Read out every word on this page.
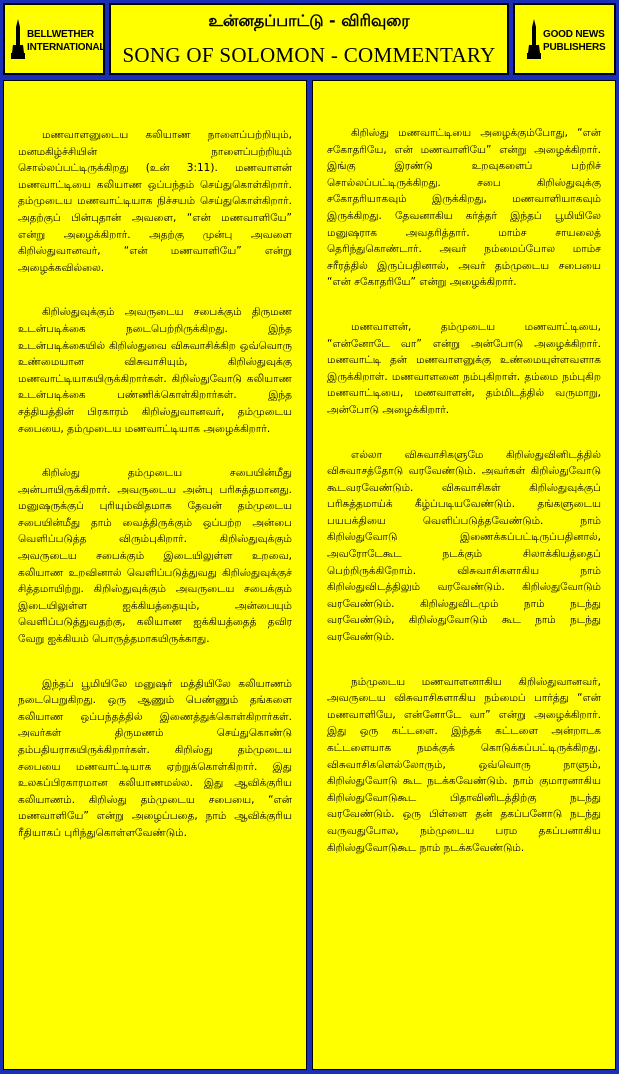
BELLWETHER
INTERNATIONAL
உன்னதப்பாட்டு - விரிவுரை
SONG OF SOLOMON - COMMENTARY
GOOD NEWS
PUBLISHERS

மணவாளனுடைய கலியாண நாளைப்பற்றியும், மனமகிழ்ச்சியின் நாளைப்பற்றியும் சொல்லப்பட்டிருக்கிறது (உன் 3:11). மணவாளன் மணவாட்டியை கலியாண ஒப்பந்தம் செய்துகொள்கிறார். தம்முடைய மணவாட்டியாக நிச்சயம் செய்துகொள்கிறார். அதற்குப் பின்புதான் அவளை, “என் மணவாளியே” என்று அழைக்கிறார். அதற்கு முன்பு அவளை கிறிஸ்துவானவர், “என் மணவாளியே” என்று அழைக்கவில்லை.

கிறிஸ்துவுக்கும் அவருடைய சபைக்கும் திருமண உடன்படிக்கை நடைபெற்றிருக்கிறது. இந்த உடன்படிக்கையில் கிறிஸ்துவை விசுவாசிக்கிற ஒவ்வொரு உண்மையான விசுவாசியும், கிறிஸ்துவுக்கு மணவாட்டியாகயிருக்கிறார்கள். கிறிஸ்துவோடு கலியாண உடன்படிக்கை பண்ணிக்கொள்கிறார்கள். இந்த சத்தியத்தின் பிரகாரம் கிறிஸ்துவானவர், தம்முடைய சபையை, தம்முடைய மணவாட்டியாக அழைக்கிறார்.

கிறிஸ்து தம்முடைய சபையின்மீது அன்பாயிருக்கிறார். அவருடைய அன்பு பரிசுத்தமானது. மனுஷருக்குப் புரியும்விதமாக தேவன் தம்முடைய சபையின்மீது தாம் வைத்திருக்கும் ஒப்பற்ற அன்பை வெளிப்படுத்த விரும்புகிறார். கிறிஸ்துவுக்கும் அவருடைய சபைக்கும் இடையிலுள்ள உறவை, கலியாண உறவினால் வெளிப்படுத்துவது கிறிஸ்துவுக்குச் சித்தமாயிற்று. கிறிஸ்துவுக்கும் அவருடைய சபைக்கும் இடையிலுள்ள ஐக்கியத்தையும், அன்பையும் வெளிப்படுத்துவதற்கு, கலியாண ஐக்கியத்தைத் தவிர வேறு ஐக்கியம் பொருத்தமாகயிருக்காது.

இந்தப் பூமியிலே மனுஷர் மத்தியிலே கலியாணம் நடைபெறுகிறது. ஒரு ஆணும் பெண்ணும் தங்களை கலியாண ஒப்பந்தத்தில் இணைத்துக்கொள்கிறார்கள். அவர்கள் திருமணம் செய்துகொண்டு தம்பதியராகயிருக்கிறார்கள். கிறிஸ்து தம்முடைய சபையை மணவாட்டியாக ஏற்றுக்கொள்கிறார். இது உலகப்பிரகாரமான கலியாணமல்ல. இது ஆவிக்குரிய கலியாணம். கிறிஸ்து தம்முடைய சபையை, “என் மணவாளியே” என்று அழைப்பதை, நாம் ஆவிக்குரிய ரீதியாகப் புரிந்துகொள்ளவேண்டும்.

கிறிஸ்து மணவாட்டியை அழைக்கும்போது, “என் சகோதரியே, என் மணவாளியே” என்று அழைக்கிறார். இங்கு இரண்டு உறவுகளைப் பற்றிச் சொல்லப்பட்டிருக்கிறது. சபை கிறிஸ்துவுக்கு சகோதரியாகவும் இருக்கிறது, மணவாளியாகவும் இருக்கிறது. தேவனாகிய கர்த்தர் இந்தப் பூமியிலே மனுஷராக அவதரித்தார். மாம்ச சாயலைத் தெரிந்துகொண்டார். அவர் நம்மைப்போல மாம்ச சரீரத்தில் இருப்பதினால், அவர் தம்முடைய சபையை “என் சகோதரியே” என்று அழைக்கிறார்.

மணவாளன், தம்முடைய மணவாட்டியை, “என்னோடே வா” என்று அன்போடு அழைக்கிறார். மணவாட்டி தன் மணவாளனுக்கு உண்மையுள்ளவளாக இருக்கிறாள். மணவாளனை நம்புகிறாள். தம்மை நம்புகிற மணவாட்டியை, மணவாளன், தம்மிடத்தில் வருமாறு, அன்போடு அழைக்கிறார்.

எல்லா விசுவாசிகளுமே கிறிஸ்துவினிடத்தில் விசுவாசத்தோடு வரவேண்டும். அவர்கள் கிறிஸ்துவோடு கூடவரவேண்டும். விசுவாசிகள் கிறிஸ்துவுக்குப் பரிசுத்தமாய்க் கீழ்ப்படியவேண்டும். தங்களுடைய பயபக்தியை வெளிப்படுத்தவேண்டும். நாம் கிறிஸ்துவோடு இணைக்கப்பட்டிருப்பதினால், அவரோடேகூட நடக்கும் சிலாக்கியத்தைப் பெற்றிருக்கிறோம். விசுவாசிகளாகிய நாம் கிறிஸ்துவிடத்திலும் வரவேண்டும். கிறிஸ்துவோடும் வரவேண்டும். கிறிஸ்துவிடமும் நாம் நடந்து வரவேண்டும், கிறிஸ்துவோடும் கூட நாம் நடந்து வரவேண்டும்.

நம்முடைய மணவாளனாகிய கிறிஸ்துவானவர், அவருடைய விசுவாசிகளாகிய நம்மைப் பார்த்து “என் மணவாளியே, என்னோடே வா” என்று அழைக்கிறார். இது ஒரு கட்டளை. இந்தக் கட்டளை அன்றாடக கட்டளையாக நமக்குக் கொடுக்கப்பட்டிருக்கிறது. விசுவாசிகளெல்லோரும், ஒவ்வொரு நாளும், கிறிஸ்துவோடு கூட நடக்கவேண்டும். நாம் குமாரனாகிய கிறிஸ்துவோடுகூட பிதாவினிடத்திற்கு நடந்து வரவேண்டும். ஒரு பிள்ளை தன் தகப்பனோடு நடந்து வருவதுபோல, நம்முடைய பரம தகப்பனாகிய கிறிஸ்துவோடுகூட நாம் நடக்கவேண்டும்.
